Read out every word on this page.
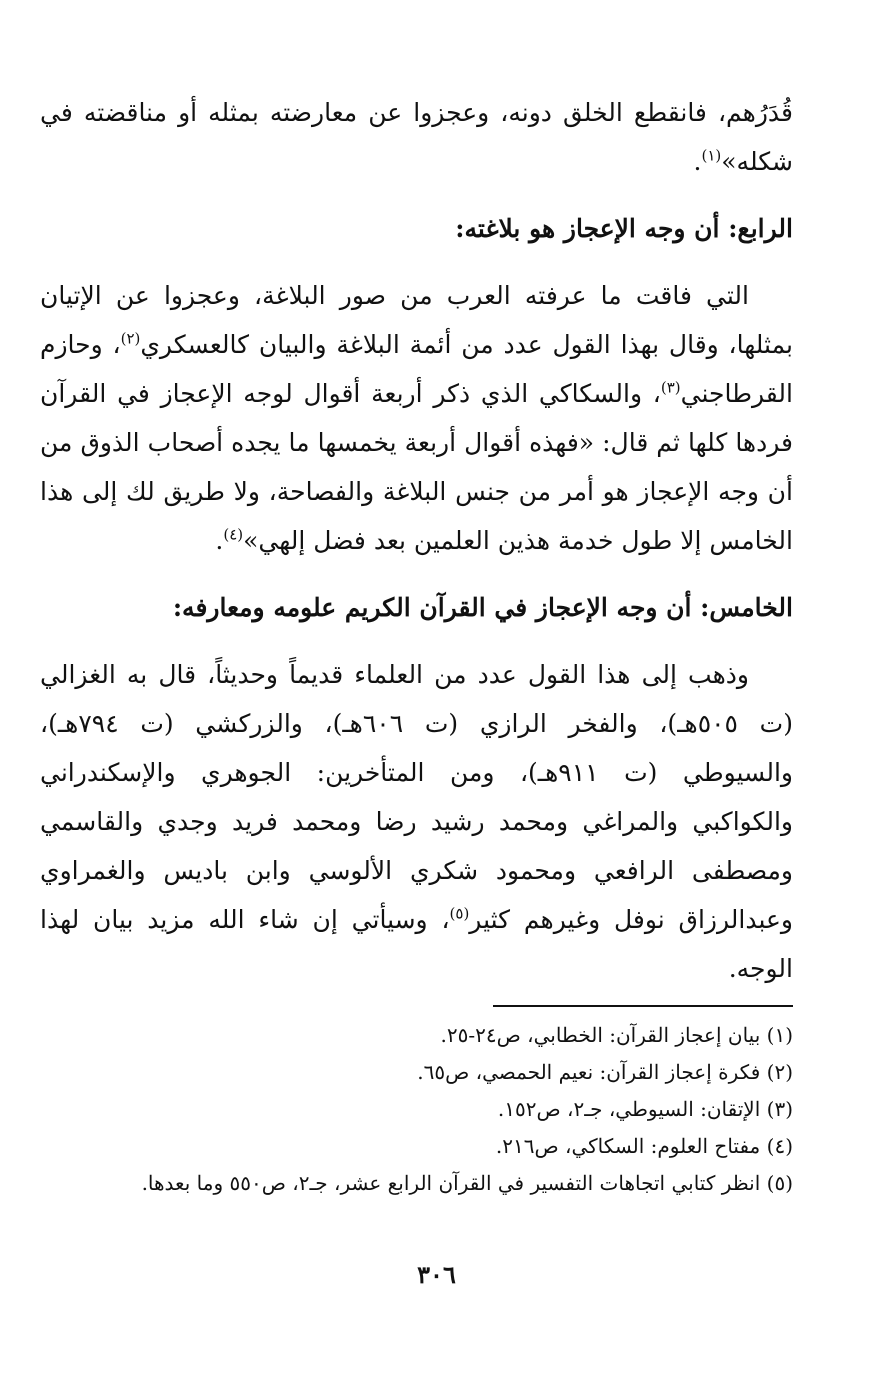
قُدَرُهم، فانقطع الخلق دونه، وعجزوا عن معارضته بمثله أو مناقضته في شكله»$^{(١)}$.

الرابع: أن وجه الإعجاز هو بلاغته:

التي فاقت ما عرفته العرب من صور البلاغة، وعجزوا عن الإتيان بمثلها، وقال بهذا القول عدد من أئمة البلاغة والبيان كالعسكري$^{(٢)}$، وحازم القرطاجني$^{(٣)}$، والسكاكي الذي ذكر أربعة أقوال لوجه الإعجاز في القرآن فردها كلها ثم قال: «فهذه أقوال أربعة يخمسها ما يجده أصحاب الذوق من أن وجه الإعجاز هو أمر من جنس البلاغة والفصاحة، ولا طريق لك إلى هذا الخامس إلا طول خدمة هذين العلمين بعد فضل إلهي»$^{(٤)}$.

الخامس: أن وجه الإعجاز في القرآن الكريم علومه ومعارفه:

وذهب إلى هذا القول عدد من العلماء قديماً وحديثاً، قال به الغزالي (ت ٥٠٥هـ)، والفخر الرازي (ت ٦٠٦هـ)، والزركشي (ت ٧٩٤هـ)، والسيوطي (ت ٩١١هـ)، ومن المتأخرين: الجوهري والإسكندراني والكواكبي والمراغي ومحمد رشيد رضا ومحمد فريد وجدي والقاسمي ومصطفى الرافعي ومحمود شكري الألوسي وابن باديس والغمراوي وعبدالرزاق نوفل وغيرهم كثير$^{(٥)}$، وسيأتي إن شاء الله مزيد بيان لهذا الوجه.

(١) بيان إعجاز القرآن: الخطابي، ص٢٤-٢٥.

(٢) فكرة إعجاز القرآن: نعيم الحمصي، ص٦٥.

(٣) الإتقان: السيوطي، جـ٢، ص١٥٢.

(٤) مفتاح العلوم: السكاكي، ص٢١٦.

(٥) انظر كتابي اتجاهات التفسير في القرآن الرابع عشر، جـ٢، ص٥٥٠ وما بعدها.

٣٠٦
